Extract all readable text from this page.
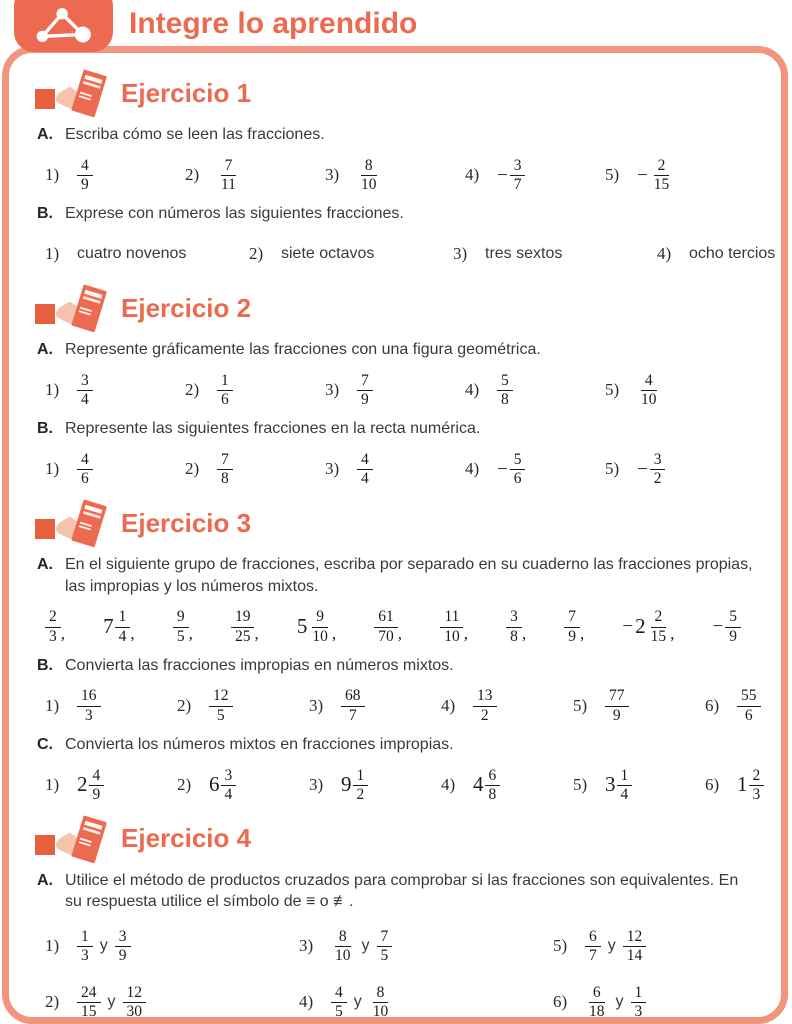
Integre lo aprendido
Ejercicio 1
A. Escriba cómo se leen las fracciones.
$1) \frac{4}{9}$	$2) \frac{7}{11}$	$3) \frac{8}{10}$	$4) - \frac{3}{7}$	$5) - \frac{2}{15}$
B. Exprese con números las siguientes fracciones.
1) cuatro novenos	2) siete octavos	3) tres sextos	4) ocho tercios
Ejercicio 2
A. Represente gráficamente las fracciones con una figura geométrica.
$1) \frac{3}{4}$	$2) \frac{1}{6}$	$3) \frac{7}{9}$	$4) \frac{5}{8}$	$5) \frac{4}{10}$
B. Represente las siguientes fracciones en la recta numérica.
$1) \frac{4}{6}$	$2) \frac{7}{8}$	$3) \frac{4}{4}$	$4) - \frac{5}{6}$	$5) - \frac{3}{2}$
Ejercicio 3
A. En el siguiente grupo de fracciones, escriba por separado en su cuaderno las fracciones propias, las impropias y los números mixtos.
$\frac{2}{3}$ , $7 \frac{1}{4}$ , $\frac{9}{5}$ , $\frac{19}{25}$ , $5 \frac{9}{10}$ , $\frac{61}{70}$ , $\frac{11}{10}$ , $\frac{3}{8}$ , $\frac{7}{9}$ , − $2 \frac{2}{15}$ , − $\frac{5}{9}$
B. Convierta las fracciones impropias en números mixtos.
$1) \frac{16}{3}$	$2) \frac{12}{5}$	$3) \frac{68}{7}$	$4) \frac{13}{2}$	$5) \frac{77}{9}$	$6) \frac{55}{6}$
C. Convierta los números mixtos en fracciones impropias.
1) $2 \frac{4}{9}$	2) $6 \frac{3}{4}$	3) $9 \frac{1}{2}$	4) $4 \frac{6}{8}$	5) $3 \frac{1}{4}$	6) $1 \frac{2}{3}$
Ejercicio 4
A. Utilice el método de productos cruzados para comprobar si las fracciones son equivalentes. En su respuesta utilice el símbolo de ≡ o ≢.
$1) \frac{1}{3}$ y $\frac{3}{9}$	$3) \frac{8}{10}$ y $\frac{7}{5}$	$5) \frac{6}{7}$ y $\frac{12}{14}$
$2) \frac{24}{15}$ y $\frac{12}{30}$	$4) \frac{4}{5}$ y $\frac{8}{10}$	$6) \frac{6}{18}$ y $\frac{1}{3}$
